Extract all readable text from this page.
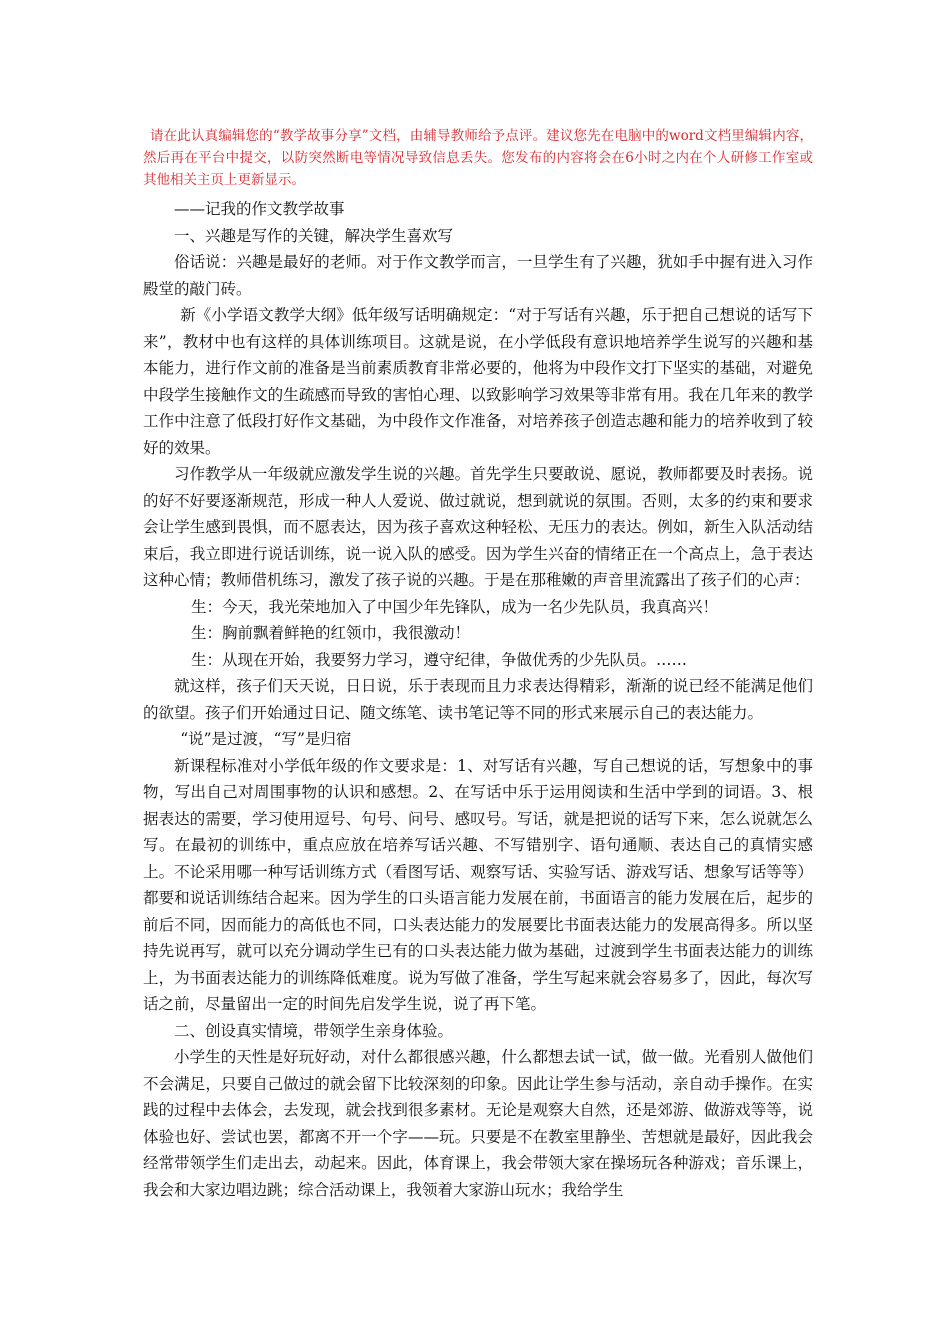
请在此认真编辑您的“教学故事分享”文档，由辅导教师给予点评。建议您先在电脑中的word文档里编辑内容，然后再在平台中提交，以防突然断电等情况导致信息丢失。您发布的内容将会在6小时之内在个人研修工作室或其他相关主页上更新显示。

——记我的作文教学故事

一、兴趣是写作的关键，解决学生喜欢写

俗话说：兴趣是最好的老师。对于作文教学而言，一旦学生有了兴趣，犹如手中握有进入习作殿堂的敲门砖。

新《小学语文教学大纲》低年级写话明确规定：“对于写话有兴趣，乐于把自己想说的话写下来”，教材中也有这样的具体训练项目。这就是说，在小学低段有意识地培养学生说写的兴趣和基本能力，进行作文前的准备是当前素质教育非常必要的，他将为中段作文打下坚实的基础，对避免中段学生接触作文的生疏感而导致的害怕心理、以致影响学习效果等非常有用。我在几年来的教学工作中注意了低段打好作文基础，为中段作文作准备，对培养孩子创造志趣和能力的培养收到了较好的效果。

习作教学从一年级就应激发学生说的兴趣。首先学生只要敢说、愿说，教师都要及时表扬。说的好不好要逐渐规范，形成一种人人爱说、做过就说，想到就说的氛围。否则，太多的约束和要求会让学生感到畏惧，而不愿表达，因为孩子喜欢这种轻松、无压力的表达。例如，新生入队活动结束后，我立即进行说话训练，说一说入队的感受。因为学生兴奋的情绪正在一个高点上，急于表达这种心情；教师借机练习，激发了孩子说的兴趣。于是在那稚嫩的声音里流露出了孩子们的心声：

生：今天，我光荣地加入了中国少年先锋队，成为一名少先队员，我真高兴！

生：胸前飘着鲜艳的红领巾，我很激动！

生：从现在开始，我要努力学习，遵守纪律，争做优秀的少先队员。……

就这样，孩子们天天说，日日说，乐于表现而且力求表达得精彩，渐渐的说已经不能满足他们的欲望。孩子们开始通过日记、随文练笔、读书笔记等不同的形式来展示自己的表达能力。

“说”是过渡，“写”是归宿

新课程标准对小学低年级的作文要求是：1、对写话有兴趣，写自己想说的话，写想象中的事物，写出自己对周围事物的认识和感想。2、在写话中乐于运用阅读和生活中学到的词语。3、根据表达的需要，学习使用逗号、句号、问号、感叹号。写话，就是把说的话写下来，怎么说就怎么写。在最初的训练中，重点应放在培养写话兴趣、不写错别字、语句通顺、表达自己的真情实感上。不论采用哪一种写话训练方式（看图写话、观察写话、实验写话、游戏写话、想象写话等等）都要和说话训练结合起来。因为学生的口头语言能力发展在前，书面语言的能力发展在后，起步的前后不同，因而能力的高低也不同，口头表达能力的发展要比书面表达能力的发展高得多。所以坚持先说再写，就可以充分调动学生已有的口头表达能力做为基础，过渡到学生书面表达能力的训练上，为书面表达能力的训练降低难度。说为写做了准备，学生写起来就会容易多了，因此，每次写话之前，尽量留出一定的时间先启发学生说，说了再下笔。

二、创设真实情境，带领学生亲身体验。

小学生的天性是好玩好动，对什么都很感兴趣，什么都想去试一试，做一做。光看别人做他们不会满足，只要自己做过的就会留下比较深刻的印象。因此让学生参与活动，亲自动手操作。在实践的过程中去体会，去发现，就会找到很多素材。无论是观察大自然，还是郊游、做游戏等等，说体验也好、尝试也罢，都离不开一个字——玩。只要是不在教室里静坐、苦想就是最好，因此我会经常带领学生们走出去，动起来。因此，体育课上，我会带领大家在操场玩各种游戏；音乐课上，我会和大家边唱边跳；综合活动课上，我领着大家游山玩水；我给学生
